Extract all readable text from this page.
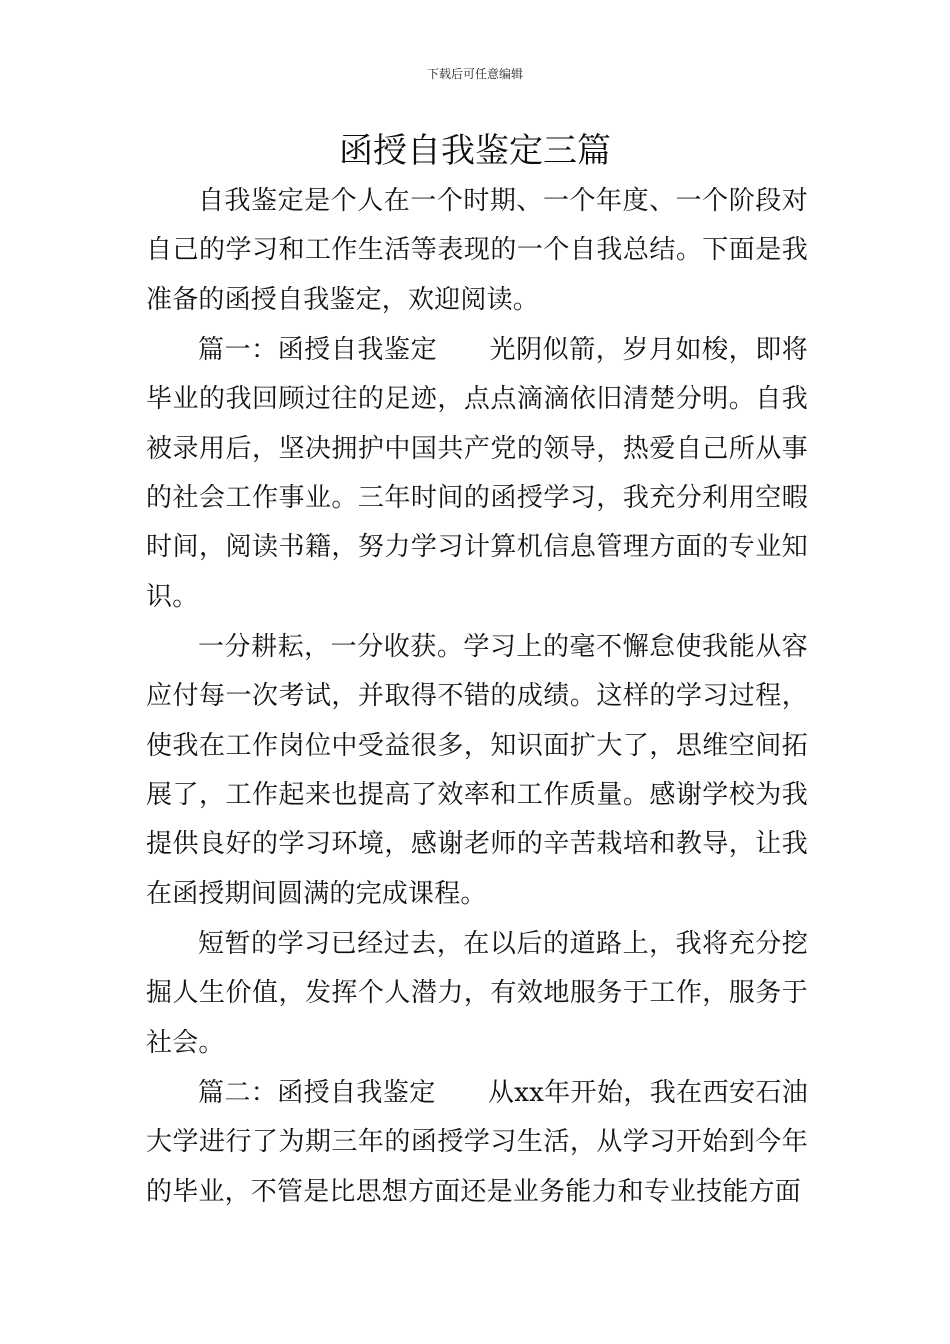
下载后可任意编辑
函授自我鉴定三篇

自我鉴定是个人在一个时期、一个年度、一个阶段对自己的学习和工作生活等表现的一个自我总结。下面是我准备的函授自我鉴定，欢迎阅读。

篇一：函授自我鉴定 光阴似箭，岁月如梭，即将毕业的我回顾过往的足迹，点点滴滴依旧清楚分明。自我被录用后，坚决拥护中国共产党的领导，热爱自己所从事的社会工作事业。三年时间的函授学习，我充分利用空暇时间，阅读书籍，努力学习计算机信息管理方面的专业知识。

一分耕耘，一分收获。学习上的毫不懈怠使我能从容应付每一次考试，并取得不错的成绩。这样的学习过程，使我在工作岗位中受益很多，知识面扩大了，思维空间拓展了，工作起来也提高了效率和工作质量。感谢学校为我提供良好的学习环境，感谢老师的辛苦栽培和教导，让我在函授期间圆满的完成课程。

短暂的学习已经过去，在以后的道路上，我将充分挖掘人生价值，发挥个人潜力，有效地服务于工作，服务于社会。

篇二：函授自我鉴定 从xx年开始，我在西安石油大学进行了为期三年的函授学习生活，从学习开始到今年的毕业，不管是比思想方面还是业务能力和专业技能方面
